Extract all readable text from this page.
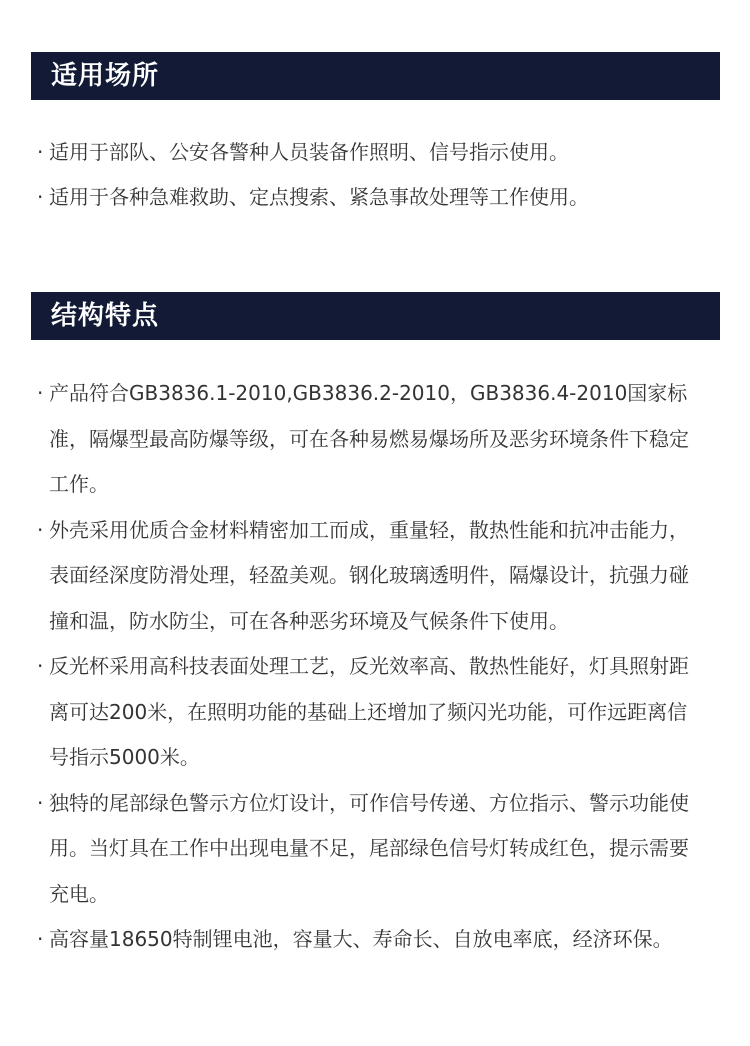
适用场所
· 适用于部队、公安各警种人员装备作照明、信号指示使用。
· 适用于各种急难救助、定点搜索、紧急事故处理等工作使用。
结构特点
· 产品符合GB3836.1-2010,GB3836.2-2010，GB3836.4-2010国家标准，隔爆型最高防爆等级，可在各种易燃易爆场所及恶劣环境条件下稳定工作。
· 外壳采用优质合金材料精密加工而成，重量轻，散热性能和抗冲击能力，表面经深度防滑处理，轻盈美观。钢化玻璃透明件，隔爆设计，抗强力碰撞和温，防水防尘，可在各种恶劣环境及气候条件下使用。
· 反光杯采用高科技表面处理工艺，反光效率高、散热性能好，灯具照射距离可达200米，在照明功能的基础上还增加了频闪光功能，可作远距离信号指示5000米。
· 独特的尾部绿色警示方位灯设计，可作信号传递、方位指示、警示功能使用。当灯具在工作中出现电量不足，尾部绿色信号灯转成红色，提示需要充电。
· 高容量18650特制锂电池，容量大、寿命长、自放电率底，经济环保。
